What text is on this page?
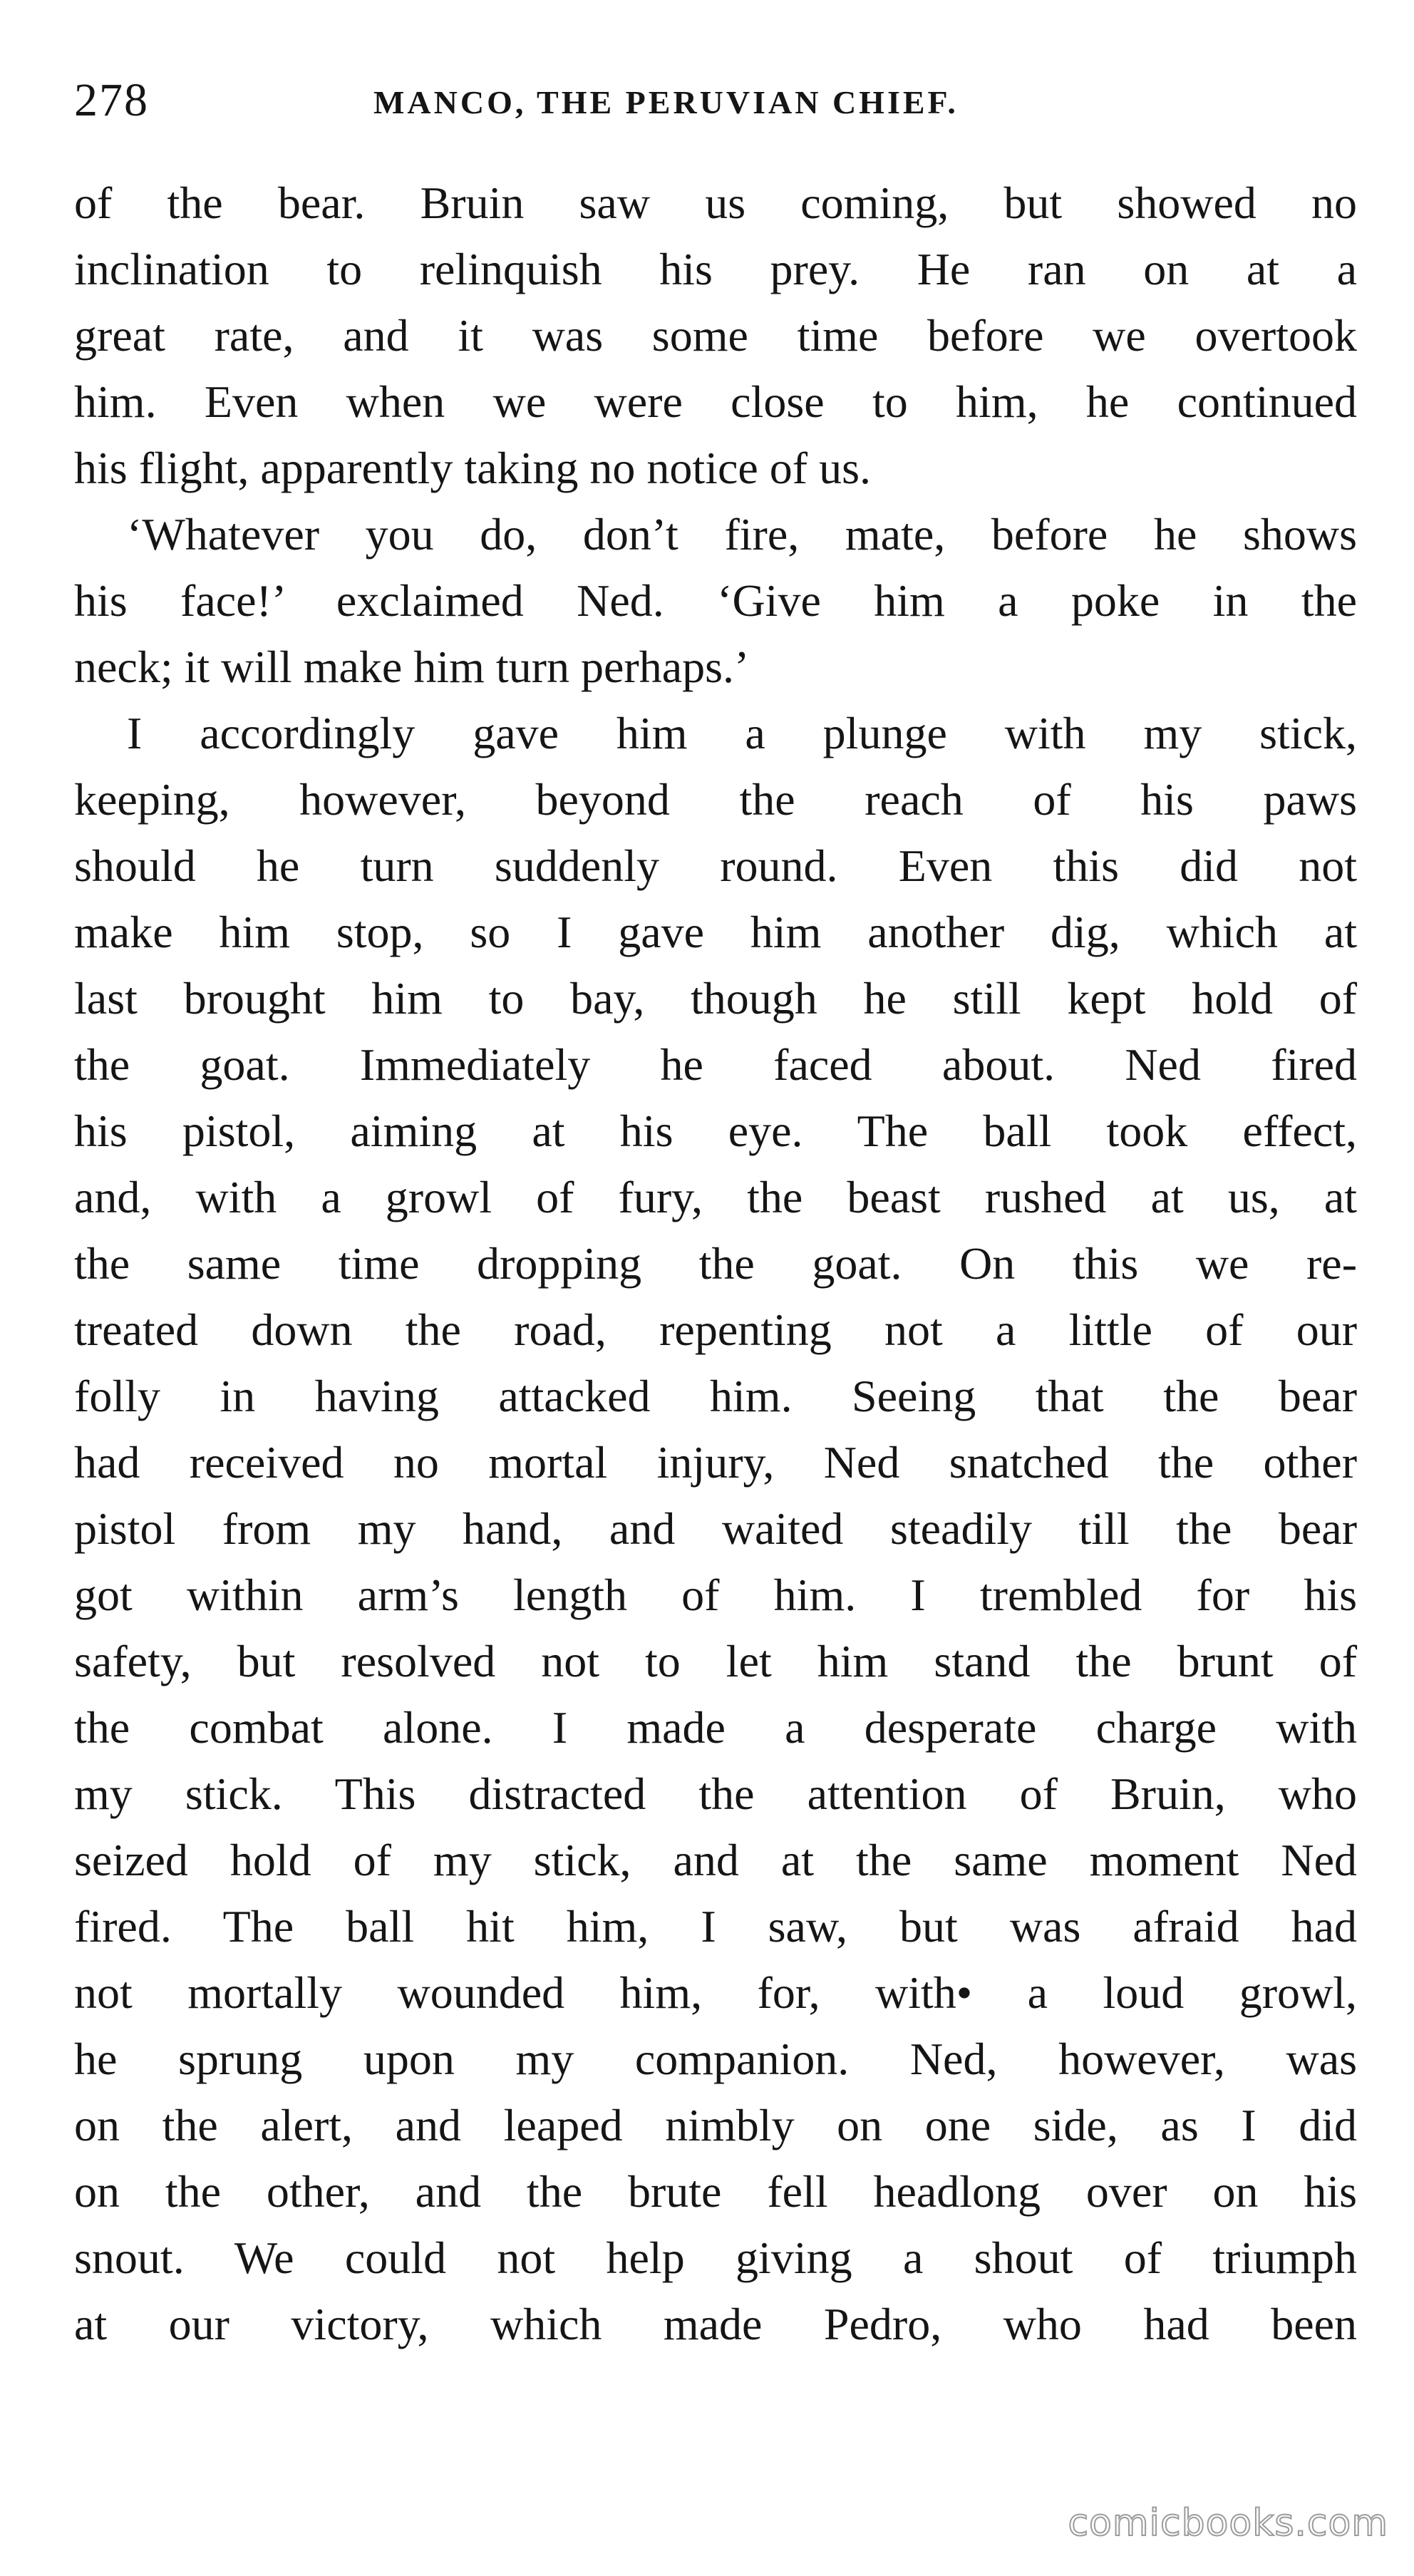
278	MANCO, THE PERUVIAN CHIEF.
of the bear. Bruin saw us coming, but showed no
inclination to relinquish his prey. He ran on at a
great rate, and it was some time before we overtook
him. Even when we were close to him, he continued
his flight, apparently taking no notice of us.
‘Whatever you do, don’t fire, mate, before he shows
his face!’ exclaimed Ned. ‘Give him a poke in the
neck; it will make him turn perhaps.’
I accordingly gave him a plunge with my stick,
keeping, however, beyond the reach of his paws
should he turn suddenly round. Even this did not
make him stop, so I gave him another dig, which at
last brought him to bay, though he still kept hold of
the goat. Immediately he faced about. Ned fired
his pistol, aiming at his eye. The ball took effect,
and, with a growl of fury, the beast rushed at us, at
the same time dropping the goat. On this we re-
treated down the road, repenting not a little of our
folly in having attacked him. Seeing that the bear
had received no mortal injury, Ned snatched the other
pistol from my hand, and waited steadily till the bear
got within arm’s length of him. I trembled for his
safety, but resolved not to let him stand the brunt of
the combat alone. I made a desperate charge with
my stick. This distracted the attention of Bruin, who
seized hold of my stick, and at the same moment Ned
fired. The ball hit him, I saw, but was afraid had
not mortally wounded him, for, with• a loud growl,
he sprung upon my companion. Ned, however, was
on the alert, and leaped nimbly on one side, as I did
on the other, and the brute fell headlong over on his
snout. We could not help giving a shout of triumph
at our victory, which made Pedro, who had been
comicbooks.com
